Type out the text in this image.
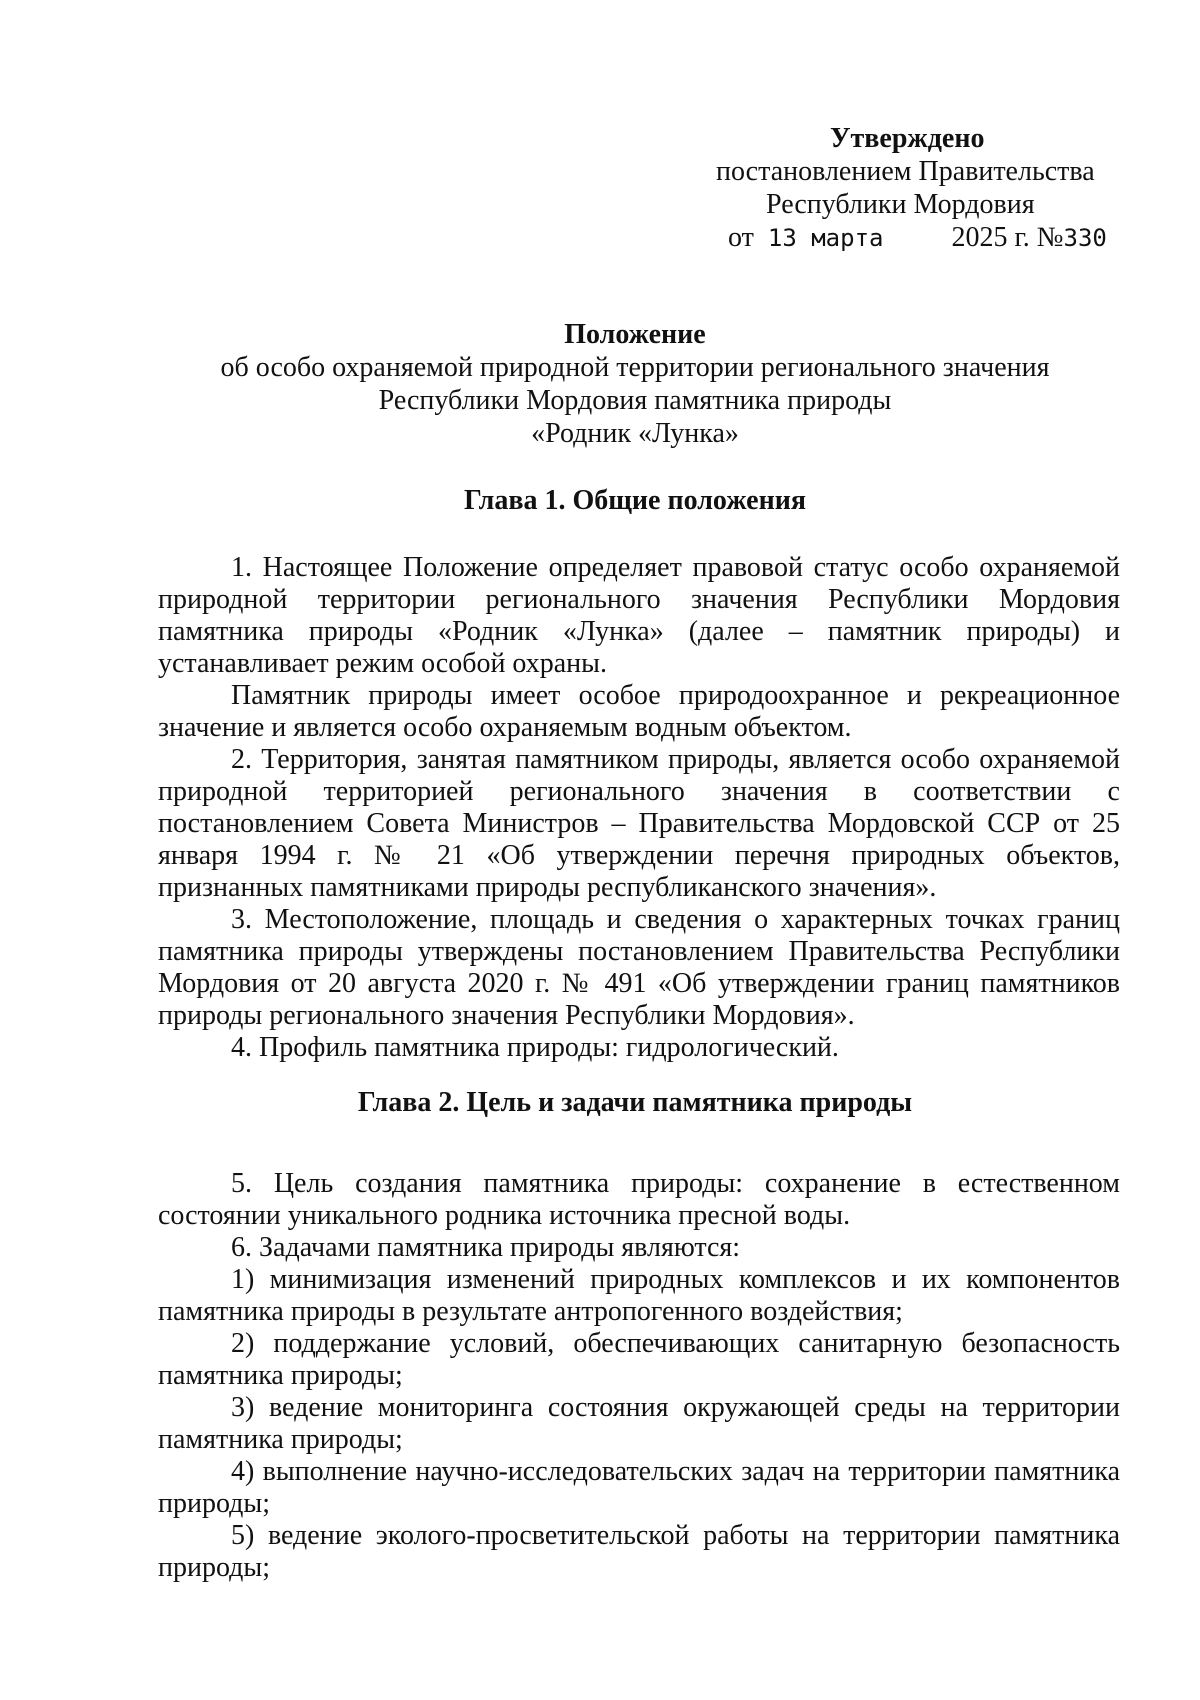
Утверждено
постановлением Правительства
Республики Мордовия
от 13 марта 2025 г. №330
Положение
об особо охраняемой природной территории регионального значения
Республики Мордовия памятника природы
«Родник «Лунка»
Глава 1. Общие положения

1. Настоящее Положение определяет правовой статус особо охраняемой природной территории регионального значения Республики Мордовия памятника природы «Родник «Лунка» (далее – памятник природы) и устанавливает режим особой охраны.

Памятник природы имеет особое природоохранное и рекреационное значение и является особо охраняемым водным объектом.

2. Территория, занятая памятником природы, является особо охраняемой природной территорией регионального значения в соответствии с постановлением Совета Министров – Правительства Мордовской ССР от 25 января 1994 г. № 21 «Об утверждении перечня природных объектов, признанных памятниками природы республиканского значения».

3. Местоположение, площадь и сведения о характерных точках границ памятника природы утверждены постановлением Правительства Республики Мордовия от 20 августа 2020 г. № 491 «Об утверждении границ памятников природы регионального значения Республики Мордовия».

4. Профиль памятника природы: гидрологический.

Глава 2. Цель и задачи памятника природы

5. Цель создания памятника природы: сохранение в естественном состоянии уникального родника источника пресной воды.

6. Задачами памятника природы являются:

1) минимизация изменений природных комплексов и их компонентов памятника природы в результате антропогенного воздействия;

2) поддержание условий, обеспечивающих санитарную безопасность памятника природы;

3) ведение мониторинга состояния окружающей среды на территории памятника природы;

4) выполнение научно-исследовательских задач на территории памятника природы;

5) ведение эколого-просветительской работы на территории памятника природы;
